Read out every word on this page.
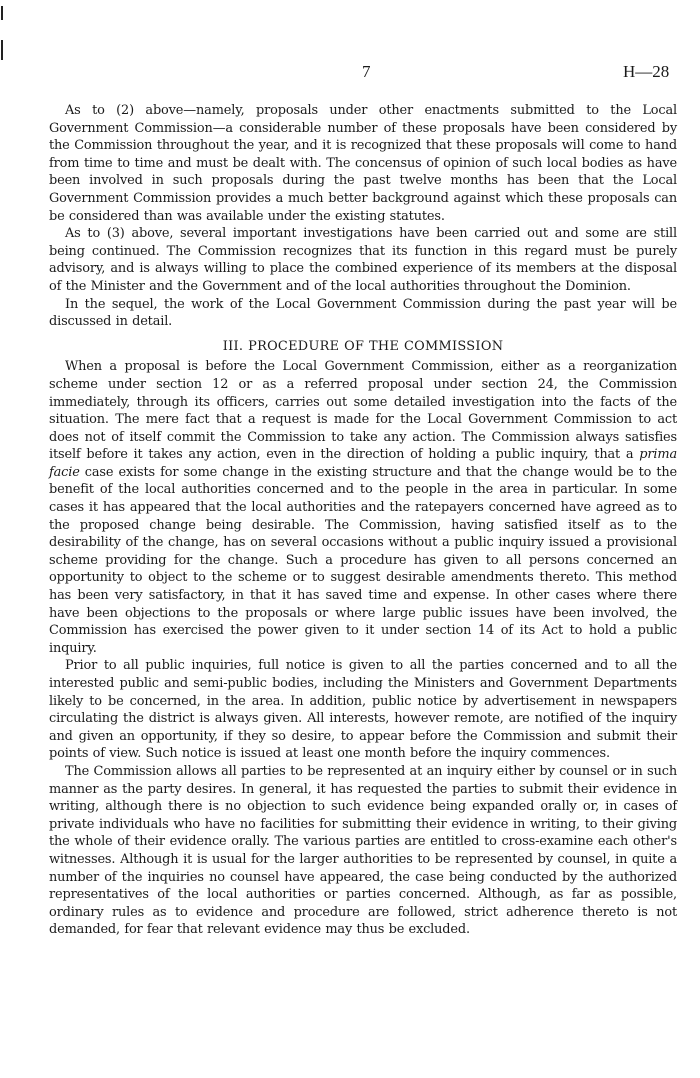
7	H—28

As to (2) above—namely, proposals under other enactments submitted to the Local Government Commission—a considerable number of these proposals have been considered by the Commission throughout the year, and it is recognized that these proposals will come to hand from time to time and must be dealt with. The concensus of opinion of such local bodies as have been involved in such proposals during the past twelve months has been that the Local Government Commission provides a much better background against which these proposals can be considered than was available under the existing statutes.

As to (3) above, several important investigations have been carried out and some are still being continued. The Commission recognizes that its function in this regard must be purely advisory, and is always willing to place the combined experience of its members at the disposal of the Minister and the Government and of the local authorities throughout the Dominion.

In the sequel, the work of the Local Government Commission during the past year will be discussed in detail.

III. PROCEDURE OF THE COMMISSION

When a proposal is before the Local Government Commission, either as a reorganization scheme under section 12 or as a referred proposal under section 24, the Commission immediately, through its officers, carries out some detailed investigation into the facts of the situation. The mere fact that a request is made for the Local Government Commission to act does not of itself commit the Commission to take any action. The Commission always satisfies itself before it takes any action, even in the direction of holding a public inquiry, that a prima facie case exists for some change in the existing structure and that the change would be to the benefit of the local authorities concerned and to the people in the area in particular. In some cases it has appeared that the local authorities and the ratepayers concerned have agreed as to the proposed change being desirable. The Commission, having satisfied itself as to the desirability of the change, has on several occasions without a public inquiry issued a provisional scheme providing for the change. Such a procedure has given to all persons concerned an opportunity to object to the scheme or to suggest desirable amendments thereto. This method has been very satisfactory, in that it has saved time and expense. In other cases where there have been objections to the proposals or where large public issues have been involved, the Commission has exercised the power given to it under section 14 of its Act to hold a public inquiry.

Prior to all public inquiries, full notice is given to all the parties concerned and to all the interested public and semi-public bodies, including the Ministers and Government Departments likely to be concerned, in the area. In addition, public notice by advertisement in newspapers circulating the district is always given. All interests, however remote, are notified of the inquiry and given an opportunity, if they so desire, to appear before the Commission and submit their points of view. Such notice is issued at least one month before the inquiry commences.

The Commission allows all parties to be represented at an inquiry either by counsel or in such manner as the party desires. In general, it has requested the parties to submit their evidence in writing, although there is no objection to such evidence being expanded orally or, in cases of private individuals who have no facilities for submitting their evidence in writing, to their giving the whole of their evidence orally. The various parties are entitled to cross-examine each other's witnesses. Although it is usual for the larger authorities to be represented by counsel, in quite a number of the inquiries no counsel have appeared, the case being conducted by the authorized representatives of the local authorities or parties concerned. Although, as far as possible, ordinary rules as to evidence and procedure are followed, strict adherence thereto is not demanded, for fear that relevant evidence may thus be excluded.
